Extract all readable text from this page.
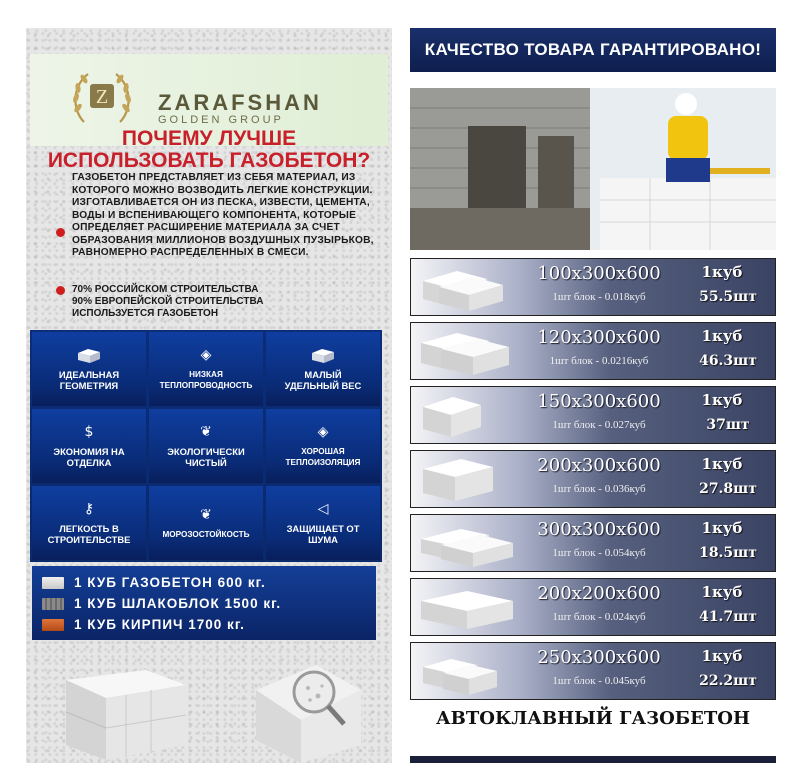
Z ZARAFSHAN
GOLDEN GROUP
ПОЧЕМУ ЛУЧШЕ
ИСПОЛЬЗОВАТЬ ГАЗОБЕТОН?
ГАЗОБЕТОН ПРЕДСТАВЛЯЕТ ИЗ СЕБЯ МАТЕРИАЛ, ИЗ КОТОРОГО МОЖНО ВОЗВОДИТЬ ЛЕГКИЕ КОНСТРУКЦИИ. ИЗГОТАВЛИВАЕТСЯ ОН ИЗ ПЕСКА, ИЗВЕСТИ, ЦЕМЕНТА, ВОДЫ И ВСПЕНИВАЮЩЕГО КОМПОНЕНТА, КОТОРЫЕ ОПРЕДЕЛЯЕТ РАСШИРЕНИЕ МАТЕРИАЛА ЗА СЧЕТ ОБРАЗОВАНИЯ МИЛЛИОНОВ ВОЗДУШНЫХ ПУЗЫРЬКОВ, РАВНОМЕРНО РАСПРЕДЕЛЕННЫХ В СМЕСИ.
70% РОССИЙСКОМ СТРОИТЕЛЬСТВА
90% ЕВРОПЕЙСКОЙ СТРОИТЕЛЬСТВА
ИСПОЛЬЗУЕТСЯ ГАЗОБЕТОН
ИДЕАЛЬНАЯ
ГЕОМЕТРИЯ
◈
НИЗКАЯ
ТЕПЛОПРОВОДНОСТЬ
МАЛЫЙ
УДЕЛЬНЫЙ ВЕС
$
ЭКОНОМИЯ НА
ОТДЕЛКА
❦
ЭКОЛОГИЧЕСКИ
ЧИСТЫЙ
◈
ХОРОШАЯ
ТЕПЛОИЗОЛЯЦИЯ
⚷
ЛЕГКОСТЬ В
СТРОИТЕЛЬСТВЕ
❦
МОРОЗОСТОЙКОСТЬ
◁
ЗАЩИЩАЕТ ОТ
ШУМА
1 КУБ ГАЗОБЕТОН 600 кг.
1 КУБ ШЛАКОБЛОК 1500 кг.
1 КУБ КИРПИЧ 1700 кг.
КАЧЕСТВО ТОВАРА ГАРАНТИРОВАНО!
100x300x600
1шт блок - 0.018куб
1куб
55.5шт
120x300x600
1шт блок - 0.0216куб
1куб
46.3шт
150x300x600
1шт блок - 0.027куб
1куб
37шт
200x300x600
1шт блок - 0.036куб
1куб
27.8шт
300x300x600
1шт блок - 0.054куб
1куб
18.5шт
200x200x600
1шт блок - 0.024куб
1куб
41.7шт
250x300x600
1шт блок - 0.045куб
1куб
22.2шт
АВТОКЛАВНЫЙ ГАЗОБЕТОН
